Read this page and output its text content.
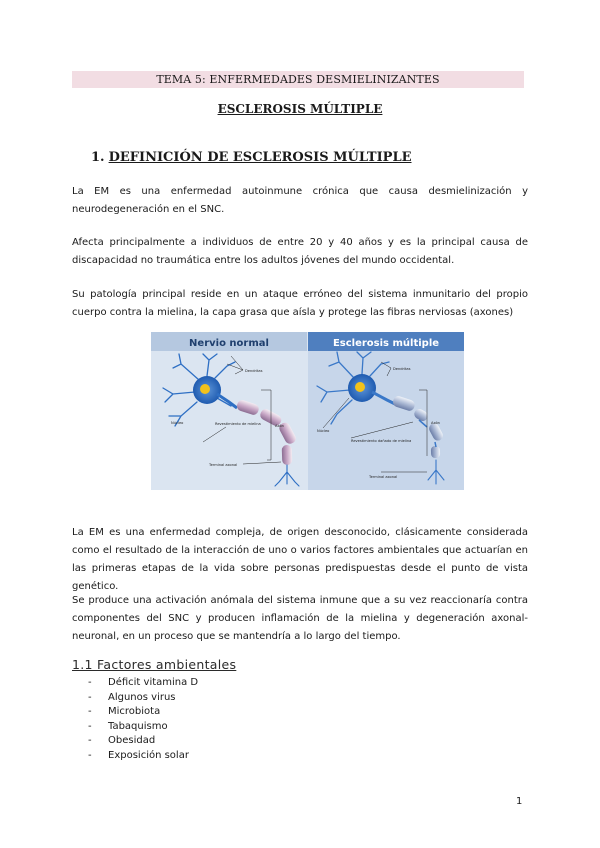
TEMA 5: ENFERMEDADES DESMIELINIZANTES
ESCLEROSIS MÚLTIPLE
1. DEFINICIÓN DE ESCLEROSIS MÚLTIPLE

La EM es una enfermedad autoinmune crónica que causa desmielinización y neurodegeneración en el SNC.

Afecta principalmente a individuos de entre 20 y 40 años y es la principal causa de discapacidad no traumática entre los adultos jóvenes del mundo occidental.

Su patología principal reside en un ataque erróneo del sistema inmunitario del propio cuerpo contra la mielina, la capa grasa que aísla y protege las fibras nerviosas (axones)

Nervio normal	Esclerosis múltiple
Dendritas
Núcleo	Revestimiento de mielina	Axón
Terminal axonal
Dendritas
Núcleo
Revestimiento dañado de mielina
Axón
Terminal axonal

La EM es una enfermedad compleja, de origen desconocido, clásicamente considerada como el resultado de la interacción de uno o varios factores ambientales que actuarían en las primeras etapas de la vida sobre personas predispuestas desde el punto de vista genético.

Se produce una activación anómala del sistema inmune que a su vez reaccionaría contra componentes del SNC y producen inflamación de la mielina y degeneración axonal-neuronal, en un proceso que se mantendría a lo largo del tiempo.

1.1 Factores ambientales
-	Déficit vitamina D
-	Algunos virus
-	Microbiota
-	Tabaquismo
-	Obesidad
-	Exposición solar
1
